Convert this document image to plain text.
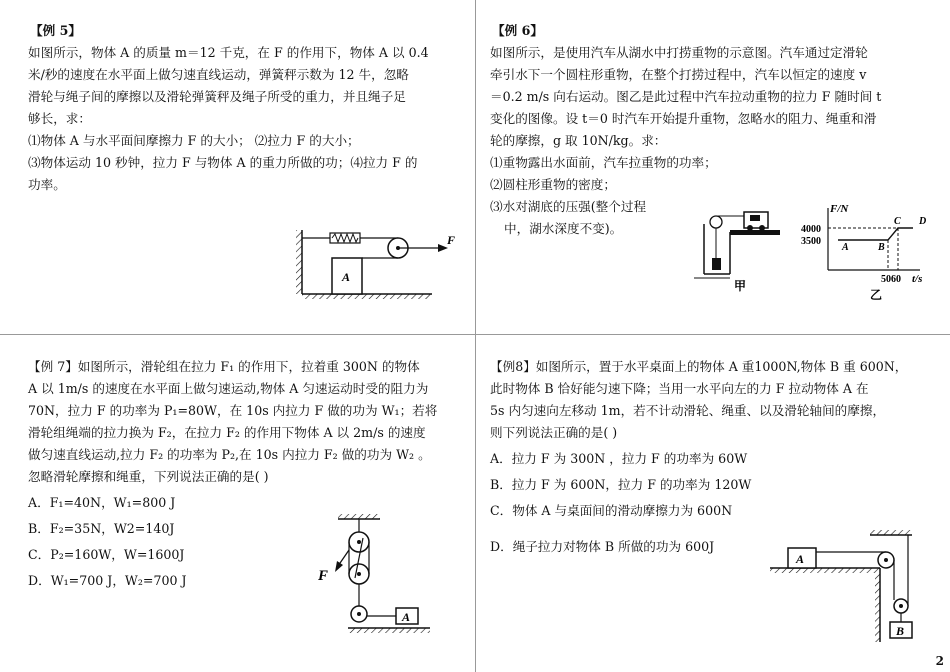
【例 5】

如图所示，物体 A 的质量 m＝12 千克，在 F 的作用下，物体 A 以 0.4

米/秒的速度在水平面上做匀速直线运动，弹簧秤示数为 12 牛，忽略

滑轮与绳子间的摩擦以及滑轮弹簧秤及绳子所受的重力，并且绳子足

够长，求：

⑴物体 A 与水平面间摩擦力 F 的大小； ⑵拉力 F 的大小；

⑶物体运动 10 秒钟，拉力 F 与物体 A 的重力所做的功；⑷拉力 F 的

功率。

A
F

【例 6】

如图所示，是使用汽车从湖水中打捞重物的示意图。汽车通过定滑轮

牵引水下一个圆柱形重物，在整个打捞过程中，汽车以恒定的速度 v

＝0.2 m/s 向右运动。图乙是此过程中汽车拉动重物的拉力 F 随时间 t

变化的图像。设 t＝0 时汽车开始提升重物，忽略水的阻力、绳重和滑

轮的摩擦，g 取 10N/kg。求：

⑴重物露出水面前，汽车拉重物的功率；

⑵圆柱形重物的密度；

⑶水对湖底的压强(整个过程

中，湖水深度不变)。

甲
F/N
t/s
乙
4000
3500
50 60
A	B
C D

【例 7】如图所示，滑轮组在拉力 F₁ 的作用下，拉着重 300N 的物体

A 以 1m/s 的速度在水平面上做匀速运动,物体 A 匀速运动时受的阻力为

70N，拉力 F 的功率为 P₁=80W，在 10s 内拉力 F 做的功为 W₁；若将

滑轮组绳端的拉力换为 F₂，在拉力 F₂ 的作用下物体 A 以 2m/s 的速度

做匀速直线运动,拉力 F₂ 的功率为 P₂,在 10s 内拉力 F₂ 做的功为 W₂ 。

忽略滑轮摩擦和绳重，下列说法正确的是( )

A．F₁=40N，W₁=800 J

B．F₂=35N，W2=140J

C．P₂=160W，W=1600J

D．W₁=700 J，W₂=700 J	F
A

【例8】如图所示，置于水平桌面上的物体 A 重1000N,物体 B 重 600N，

此时物体 B 恰好能匀速下降；当用一水平向左的力 F 拉动物体 A 在

5s 内匀速向左移动 1m，若不计动滑轮、绳重、以及滑轮轴间的摩擦，

则下列说法正确的是( )

A．拉力 F 为 300N ，拉力 F 的功率为 60W

B．拉力 F 为 600N，拉力 F 的功率为 120W

C．物体 A 与桌面间的滑动摩擦力为 600N

D．绳子拉力对物体 B 所做的功为 600J

A
B
2
